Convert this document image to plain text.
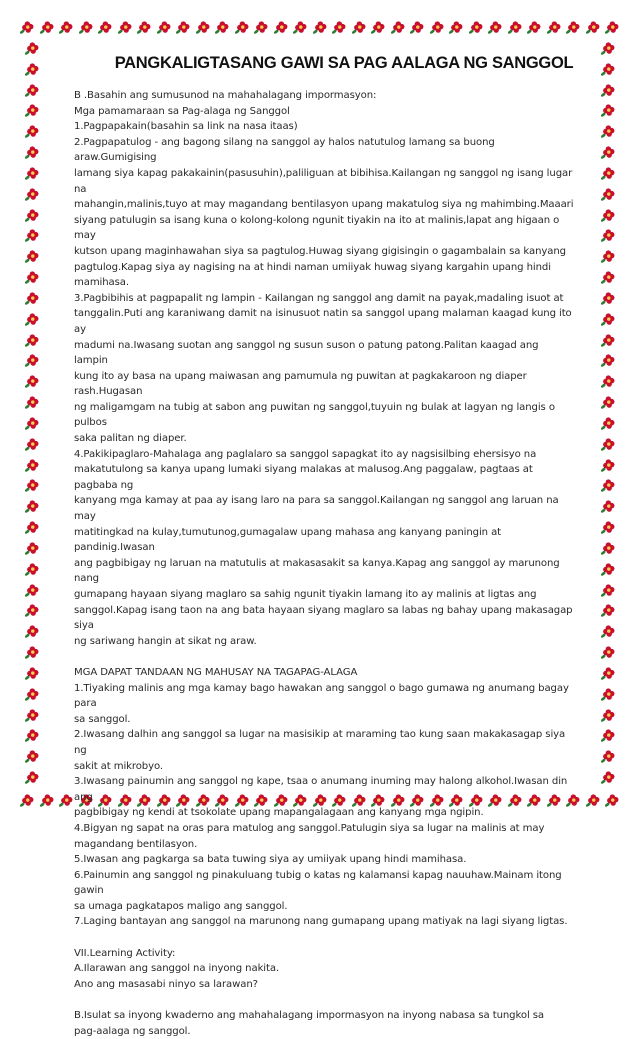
PANGKALIGTASANG GAWI SA PAG AALAGA NG SANGGOL

B .Basahin ang sumusunod na mahahalagang impormasyon:

Mga pamamaraan sa Pag-alaga ng Sanggol

1.Pagpapakain(basahin sa link na nasa itaas)

2.Pagpapatulog - ang bagong silang na sanggol ay halos natutulog lamang sa buong araw.Gumigising

lamang siya kapag pakakainin(pasusuhin),paliliguan at bibihisa.Kailangan ng sanggol ng isang lugar na

mahangin,malinis,tuyo at may magandang bentilasyon upang makatulog siya ng mahimbing.Maaari

siyang patulugin sa isang kuna o kolong-kolong ngunit tiyakin na ito at malinis,lapat ang higaan o may

kutson upang maginhawahan siya sa pagtulog.Huwag siyang gigisingin o gagambalain sa kanyang

pagtulog.Kapag siya ay nagising na at hindi naman umiiyak huwag siyang kargahin upang hindi

mamihasa.

3.Pagbibihis at pagpapalit ng lampin - Kailangan ng sanggol ang damit na payak,madaling isuot at

tanggalin.Puti ang karaniwang damit na isinusuot natin sa sanggol upang malaman kaagad kung ito ay

madumi na.Iwasang suotan ang sanggol ng susun suson o patung patong.Palitan kaagad ang lampin

kung ito ay basa na upang maiwasan ang pamumula ng puwitan at pagkakaroon ng diaper rash.Hugasan

ng maligamgam na tubig at sabon ang puwitan ng sanggol,tuyuin ng bulak at lagyan ng langis o pulbos

saka palitan ng diaper.

4.Pakikipaglaro-Mahalaga ang paglalaro sa sanggol sapagkat ito ay nagsisilbing ehersisyo na

makatutulong sa kanya upang lumaki siyang malakas at malusog.Ang paggalaw, pagtaas at pagbaba ng

kanyang mga kamay at paa ay isang laro na para sa sanggol.Kailangan ng sanggol ang laruan na may

matitingkad na kulay,tumutunog,gumagalaw upang mahasa ang kanyang paningin at pandinig.Iwasan

ang pagbibigay ng laruan na matutulis at makasasakit sa kanya.Kapag ang sanggol ay marunong nang

gumapang hayaan siyang maglaro sa sahig ngunit tiyakin lamang ito ay malinis at ligtas ang

sanggol.Kapag isang taon na ang bata hayaan siyang maglaro sa labas ng bahay upang makasagap siya

ng sariwang hangin at sikat ng araw.

MGA DAPAT TANDAAN NG MAHUSAY NA TAGAPAG-ALAGA

1.Tiyaking malinis ang mga kamay bago hawakan ang sanggol o bago gumawa ng anumang bagay para

sa sanggol.

2.Iwasang dalhin ang sanggol sa lugar na masisikip at maraming tao kung saan makakasagap siya ng

sakit at mikrobyo.

3.Iwasang painumin ang sanggol ng kape, tsaa o anumang inuming may halong alkohol.Iwasan din ang

pagbibigay ng kendi at tsokolate upang mapangalagaan ang kanyang mga ngipin.

4.Bigyan ng sapat na oras para matulog ang sanggol.Patulugin siya sa lugar na malinis at may

magandang bentilasyon.

5.Iwasan ang pagkarga sa bata tuwing siya ay umiiyak upang hindi mamihasa.

6.Painumin ang sanggol ng pinakuluang tubig o katas ng kalamansi kapag nauuhaw.Mainam itong gawin

sa umaga pagkatapos maligo ang sanggol.

7.Laging bantayan ang sanggol na marunong nang gumapang upang matiyak na lagi siyang ligtas.

VII.Learning Activity:

A.Ilarawan ang sanggol na inyong nakita.

Ano ang masasabi ninyo sa larawan?

B.Isulat sa inyong kwaderno ang mahahalagang impormasyon na inyong nabasa sa tungkol sa

pag-aalaga ng sanggol.
